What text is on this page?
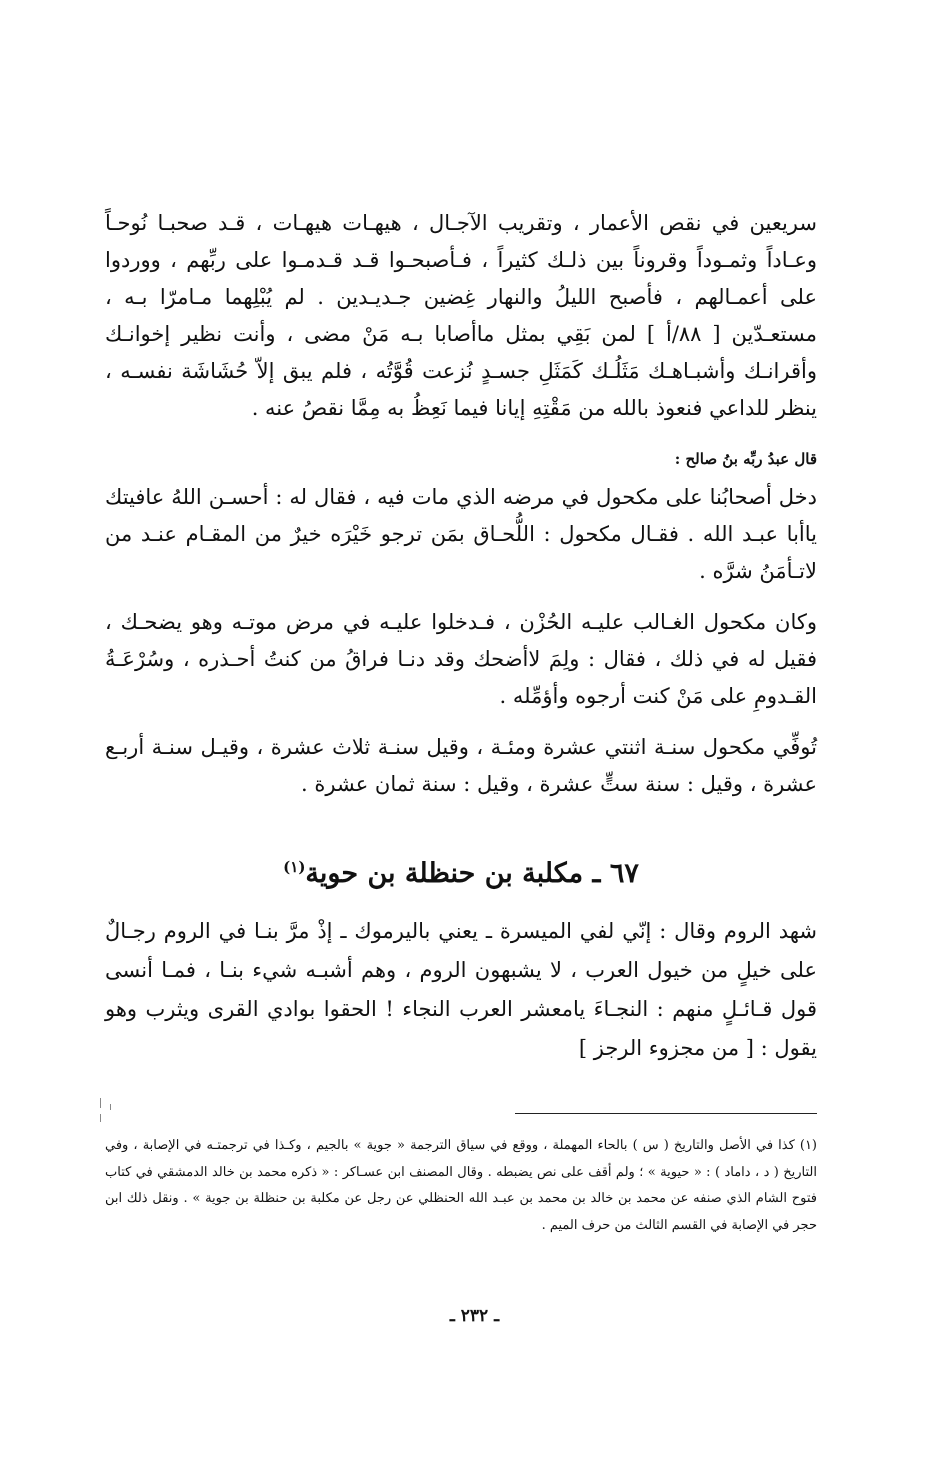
سريعين في نقص الأعمار ، وتقريب الآجـال ، هيهـات هيهـات ، قـد صحبـا نُوحـاً وعـاداً وثمـوداً وقروناً بين ذلـك كثيراً ، فـأصبحـوا قـد قـدمـوا على ربِّهم ، ووردوا على أعمـالهم ، فأصبح الليلُ والنهار غِضين جـديـدين . لم يُبْلِهما مـامرّا بـه ، مستعـدّين [ ٨٨/أ ] لمن بَقِي بمثل ماأصابا بـه مَنْ مضى ، وأنت نظير إخوانـك وأقرانـك وأشبـاهـك مَثَلُـك كَمَثَلِ جسـدٍ نُزعت قُوَّتُه ، فلم يبق إلاّ حُشَاشَة نفسـه ، ينظر للداعي فنعوذ بالله من مَقْتِهِ إيانا فيما نَعِظُ به مِمَّا نقصُ عنه .

قال عبدُ ربِّه بنُ صالح :

دخل أصحابُنا على مكحول في مرضه الذي مات فيه ، فقال له : أحسـن اللهُ عافيتك ياأبا عبـد الله . فقـال مكحول : اللُّحـاق بمَن ترجو خَيْرَه خيرٌ من المقـام عنـد من لاتـأمَنُ شرَّه .

وكان مكحول الغـالب عليـه الحُزْن ، فـدخلوا عليـه في مرض موتـه وهو يضحـك ، فقيل له في ذلك ، فقال : ولِمَ لاأضحك وقد دنـا فراقُ من كنتُ أحـذره ، وسُرْعَـةُ القـدومِ على مَنْ كنت أرجوه وأؤمِّله .

تُوفِّي مكحول سنـة اثنتي عشرة ومئـة ، وقيل سنـة ثلاث عشرة ، وقيـل سنـة أربـع عشرة ، وقيل : سنة ستٍّ عشرة ، وقيل : سنة ثمان عشرة .

٦٧ ـ مكلبة بن حنظلة بن حوية$^{(١)}$

شهد الروم وقال : إنّي لفي الميسرة ـ يعني باليرموك ـ إذْ مرَّ بنـا في الروم رجـالٌ على خيلٍ من خيول العرب ، لا يشبهون الروم ، وهم أشبـه شيء بنـا ، فمـا أنسى قول قـائـلٍ منهم : النجـاءَ يامعشر العرب النجاء ! الحقوا بوادي القرى ويثرب وهو يقول : [ من مجزوء الرجز ]

(١) كذا في الأصل والتاريخ ( س ) بالحاء المهملة ، ووقع في سياق الترجمة « جوية » بالجيم ، وكـذا في ترجمتـه في الإصابة ، وفي التاريخ ( د ، داماد ) : « حيوية » ؛ ولم أقف على نص يضبطه . وقال المصنف ابن عسـاكر : « ذكره محمد بن خالد الدمشقي في كتاب فتوح الشام الذي صنفه عن محمد بن خالد بن محمد بن عبـد الله الحنظلي عن رجل عن مكلبة بن حنظلة بن جوية » . ونقل ذلك ابن حجر في الإصابة في القسم الثالث من حرف الميم .

ـ ٢٣٢ ـ
